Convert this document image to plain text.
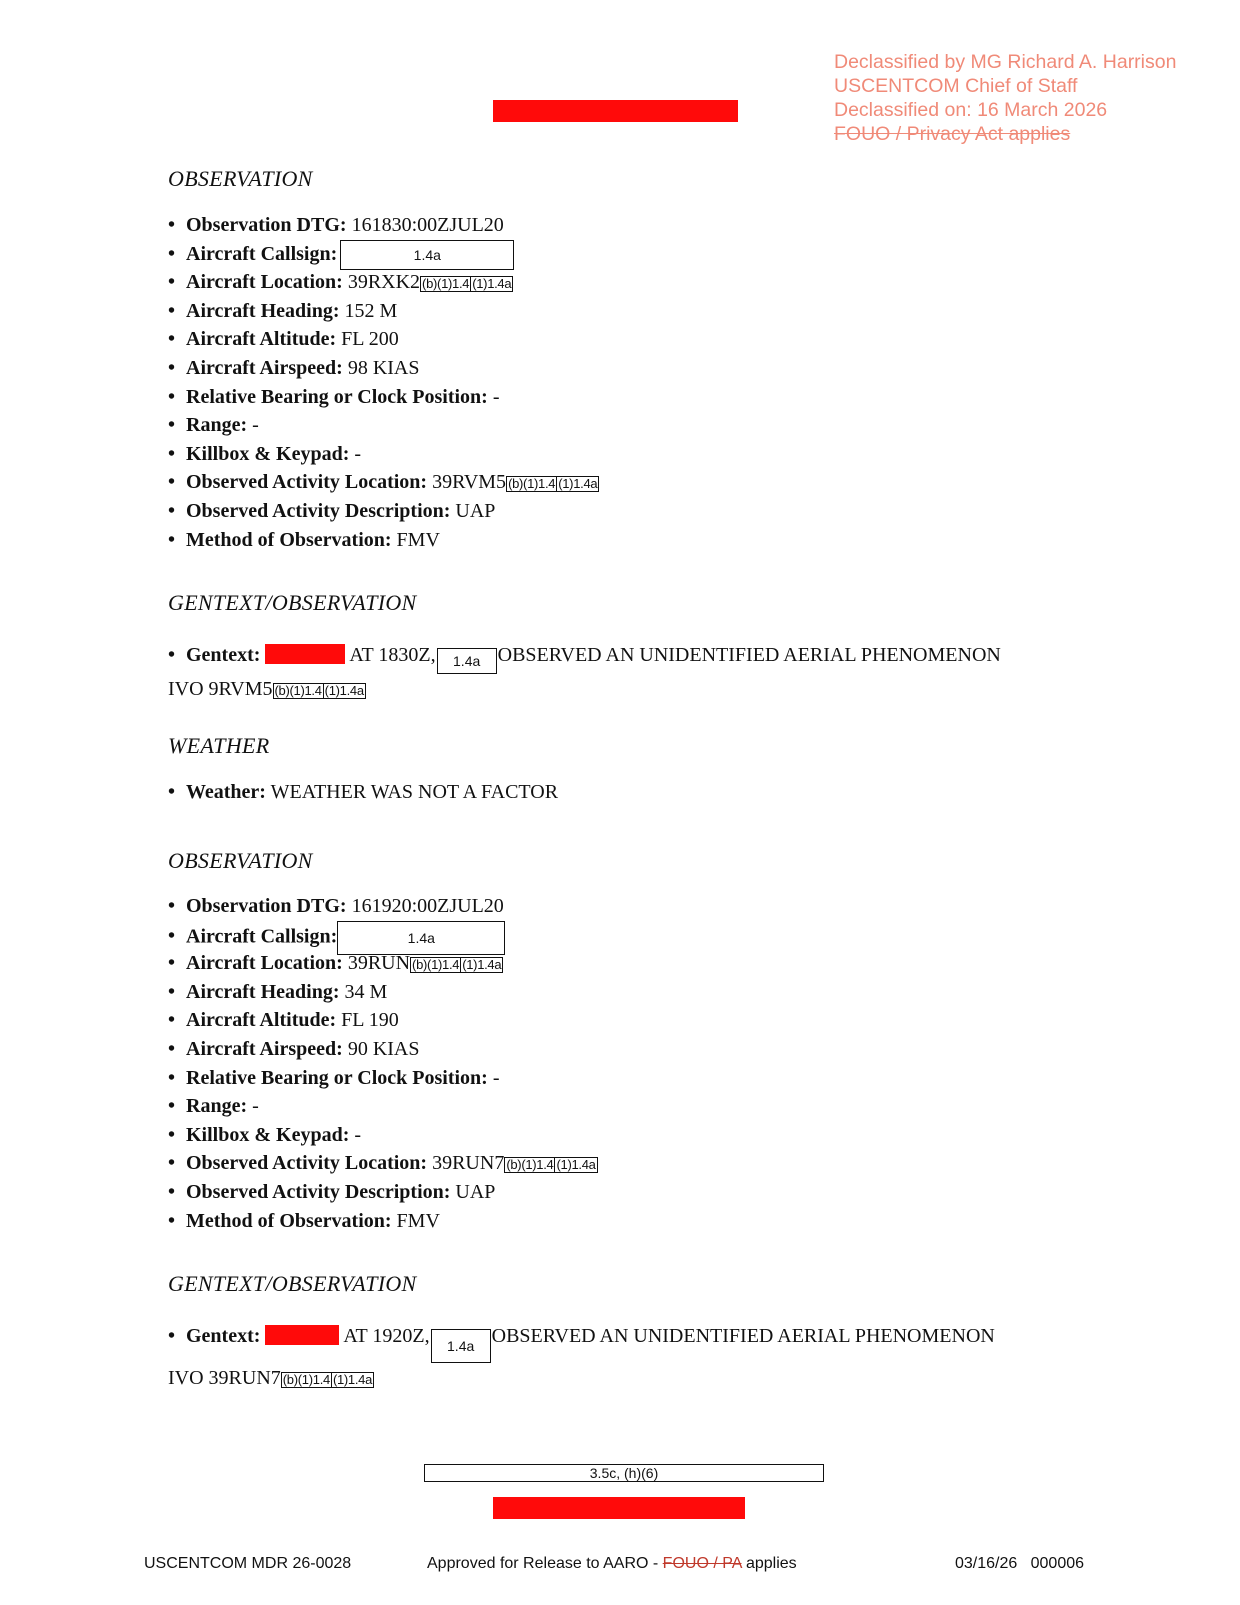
Declassified by MG Richard A. Harrison
USCENTCOM Chief of Staff
Declassified on: 16 March 2026
FOUO / Privacy Act applies
OBSERVATION
• Observation DTG: 161830:00ZJUL20
• Aircraft Callsign:	1.4a
• Aircraft Location: 39RXK2 (b)(1)1.4 (1)1.4a
• Aircraft Heading: 152 M
• Aircraft Altitude: FL 200
• Aircraft Airspeed: 98 KIAS
• Relative Bearing or Clock Position: -
• Range: -
• Killbox & Keypad: -
• Observed Activity Location: 39RVM5 (b)(1)1.4 (1)1.4a
• Observed Activity Description: UAP
• Method of Observation: FMV
GENTEXT/OBSERVATION
• Gentext:	AT 1830Z, 1.4a OBSERVED AN UNIDENTIFIED AERIAL PHENOMENON
IVO 9RVM5 (b)(1)1.4 (1)1.4a
WEATHER
• Weather: WEATHER WAS NOT A FACTOR
OBSERVATION
• Observation DTG: 161920:00ZJUL20
• Aircraft Callsign:	1.4a
• Aircraft Location: 39RUN (b)(1)1.4 (1)1.4a
• Aircraft Heading: 34 M
• Aircraft Altitude: FL 190
• Aircraft Airspeed: 90 KIAS
• Relative Bearing or Clock Position: -
• Range: -
• Killbox & Keypad: -
• Observed Activity Location: 39RUN7 (b)(1)1.4 (1)1.4a
• Observed Activity Description: UAP
• Method of Observation: FMV
GENTEXT/OBSERVATION
• Gentext:	AT 1920Z, 1.4a OBSERVED AN UNIDENTIFIED AERIAL PHENOMENON
IVO 39RUN7 (b)(1)1.4 (1)1.4a
3.5c, (h)(6)
USCENTCOM MDR 26-0028	Approved for Release to AARO - FOUO / PA applies	03/16/26   000006
